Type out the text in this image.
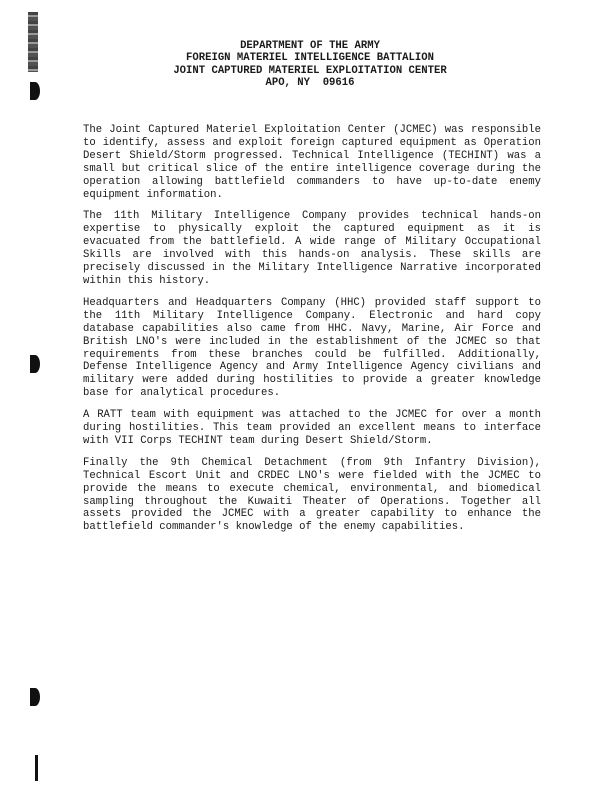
DEPARTMENT OF THE ARMY
FOREIGN MATERIEL INTELLIGENCE BATTALION
JOINT CAPTURED MATERIEL EXPLOITATION CENTER
APO, NY  09616

The Joint Captured Materiel Exploitation Center (JCMEC) was responsible to identify, assess and exploit foreign captured equipment as Operation Desert Shield/Storm progressed. Technical Intelligence (TECHINT) was a small but critical slice of the entire intelligence coverage during the operation allowing battlefield commanders to have up-to-date enemy equipment information.

The 11th Military Intelligence Company provides technical hands-on expertise to physically exploit the captured equipment as it is evacuated from the battlefield. A wide range of Military Occupational Skills are involved with this hands-on analysis. These skills are precisely discussed in the Military Intelligence Narrative incorporated within this history.

Headquarters and Headquarters Company (HHC) provided staff support to the 11th Military Intelligence Company. Electronic and hard copy database capabilities also came from HHC. Navy, Marine, Air Force and British LNO's were included in the establishment of the JCMEC so that requirements from these branches could be fulfilled. Additionally, Defense Intelligence Agency and Army Intelligence Agency civilians and military were added during hostilities to provide a greater knowledge base for analytical procedures.

A RATT team with equipment was attached to the JCMEC for over a month during hostilities. This team provided an excellent means to interface with VII Corps TECHINT team during Desert Shield/Storm.

Finally the 9th Chemical Detachment (from 9th Infantry Division), Technical Escort Unit and CRDEC LNO's were fielded with the JCMEC to provide the means to execute chemical, environmental, and biomedical sampling throughout the Kuwaiti Theater of Operations. Together all assets provided the JCMEC with a greater capability to enhance the battlefield commander's knowledge of the enemy capabilities.
